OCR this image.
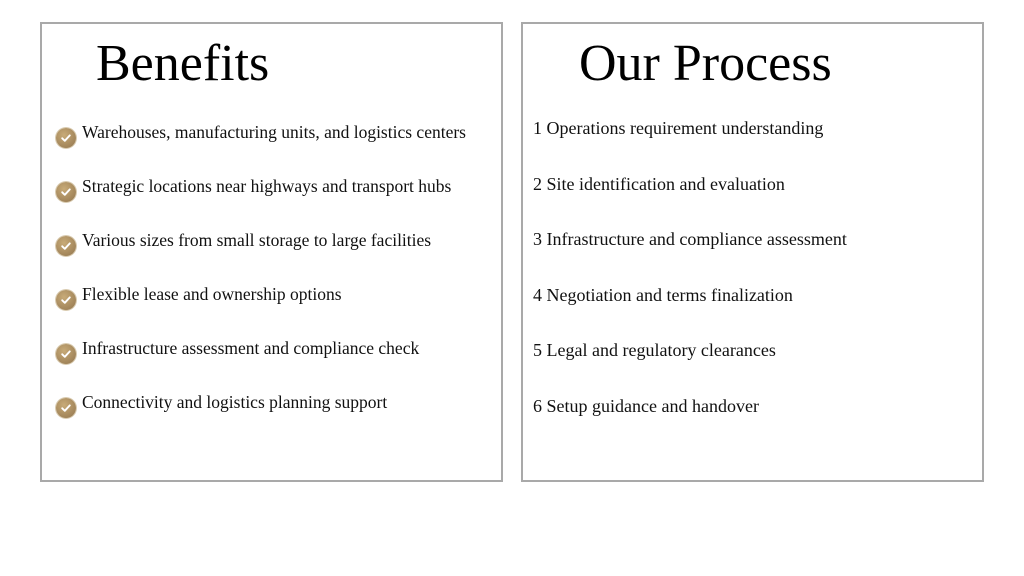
Benefits
Warehouses, manufacturing units, and logistics centers
Strategic locations near highways and transport hubs
Various sizes from small storage to large facilities
Flexible lease and ownership options
Infrastructure assessment and compliance check
Connectivity and logistics planning support
Our Process
1 Operations requirement understanding
2 Site identification and evaluation
3 Infrastructure and compliance assessment
4 Negotiation and terms finalization
5 Legal and regulatory clearances
6 Setup guidance and handover
